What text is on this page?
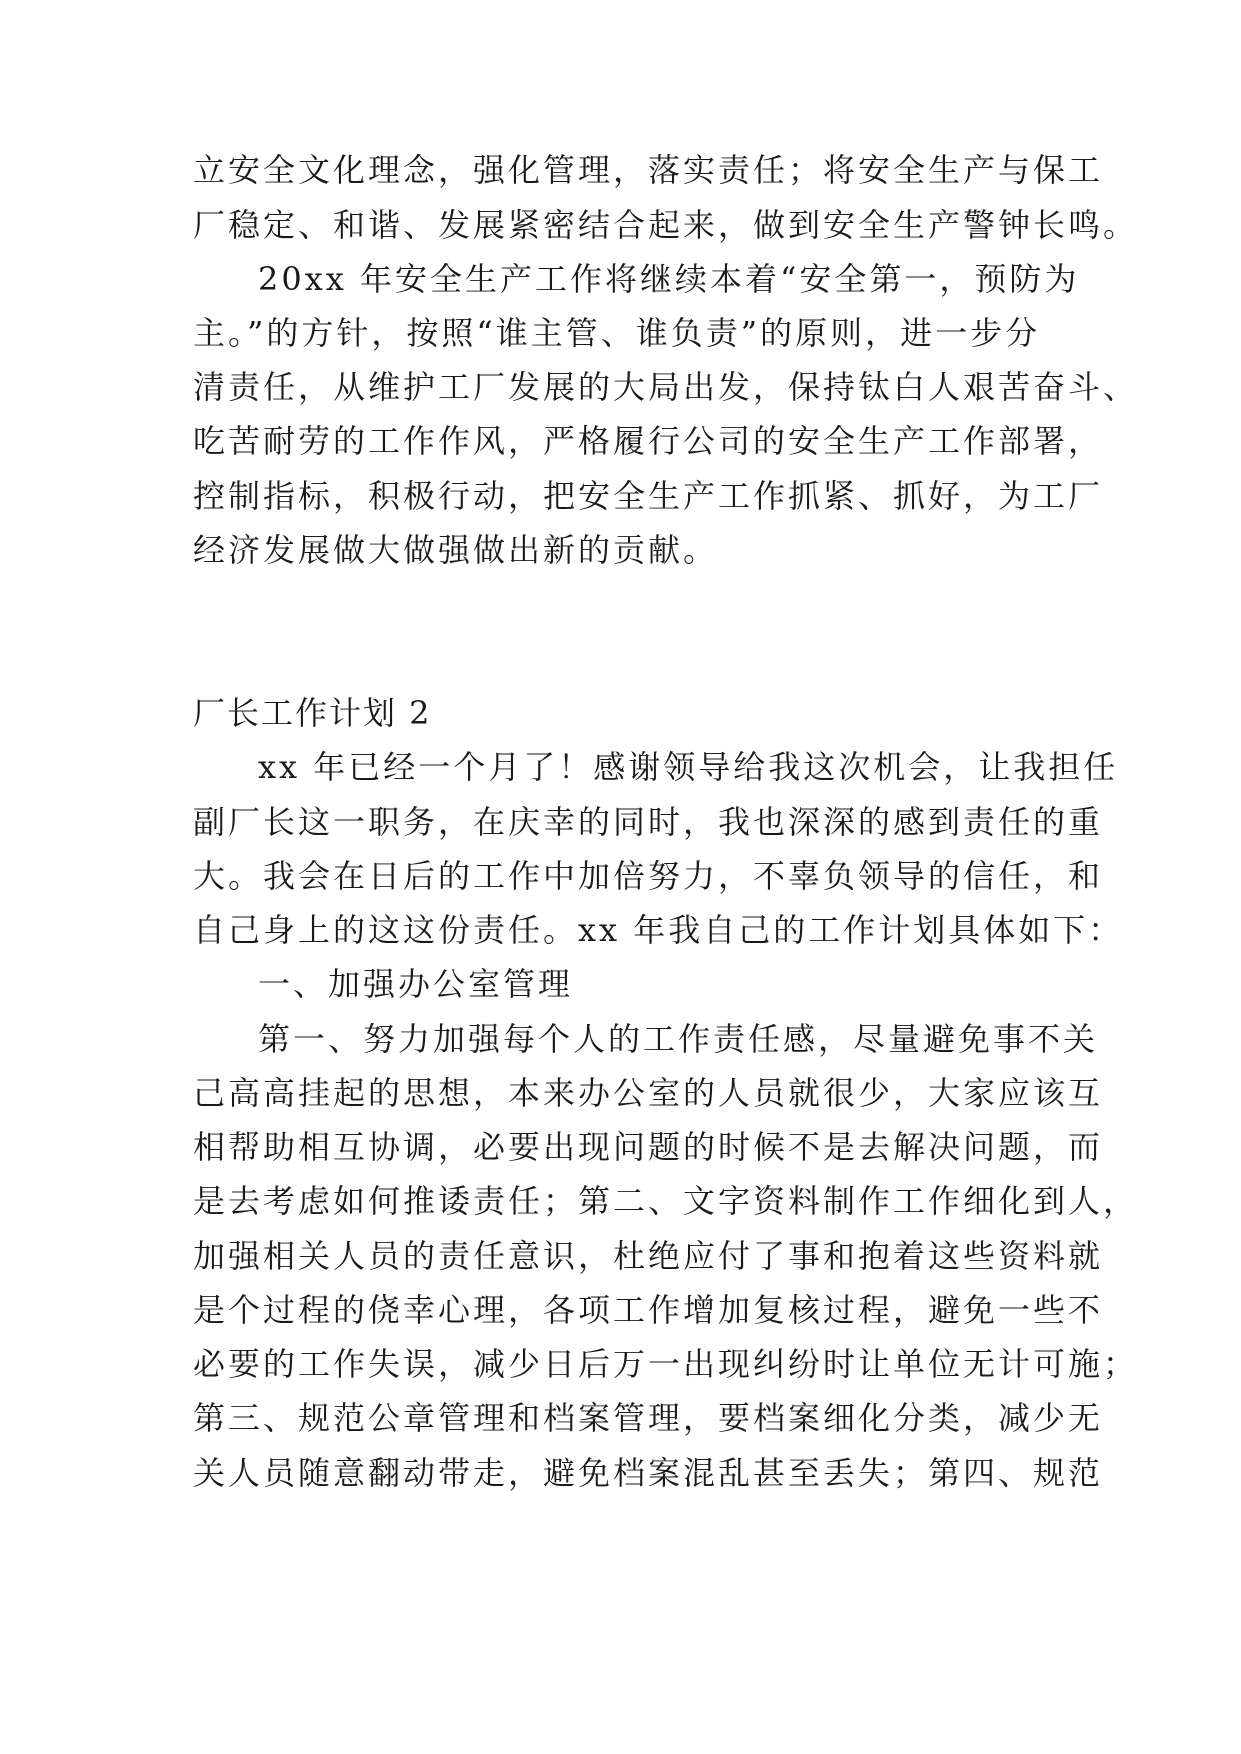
立安全文化理念，强化管理，落实责任；将安全生产与保工
厂稳定、和谐、发展紧密结合起来，做到安全生产警钟长鸣。
20xx 年安全生产工作将继续本着“安全第一，预防为
主。”的方针，按照“谁主管、谁负责”的原则，进一步分
清责任，从维护工厂发展的大局出发，保持钛白人艰苦奋斗、
吃苦耐劳的工作作风，严格履行公司的安全生产工作部署，
控制指标，积极行动，把安全生产工作抓紧、抓好，为工厂
经济发展做大做强做出新的贡献。
厂长工作计划 2
xx 年已经一个月了！感谢领导给我这次机会，让我担任
副厂长这一职务，在庆幸的同时，我也深深的感到责任的重
大。我会在日后的工作中加倍努力，不辜负领导的信任，和
自己身上的这这份责任。xx 年我自己的工作计划具体如下：
一、加强办公室管理
第一、努力加强每个人的工作责任感，尽量避免事不关
己高高挂起的思想，本来办公室的人员就很少，大家应该互
相帮助相互协调，必要出现问题的时候不是去解决问题，而
是去考虑如何推诿责任；第二、文字资料制作工作细化到人，
加强相关人员的责任意识，杜绝应付了事和抱着这些资料就
是个过程的侥幸心理，各项工作增加复核过程，避免一些不
必要的工作失误，减少日后万一出现纠纷时让单位无计可施；
第三、规范公章管理和档案管理，要档案细化分类，减少无
关人员随意翻动带走，避免档案混乱甚至丢失；第四、规范
